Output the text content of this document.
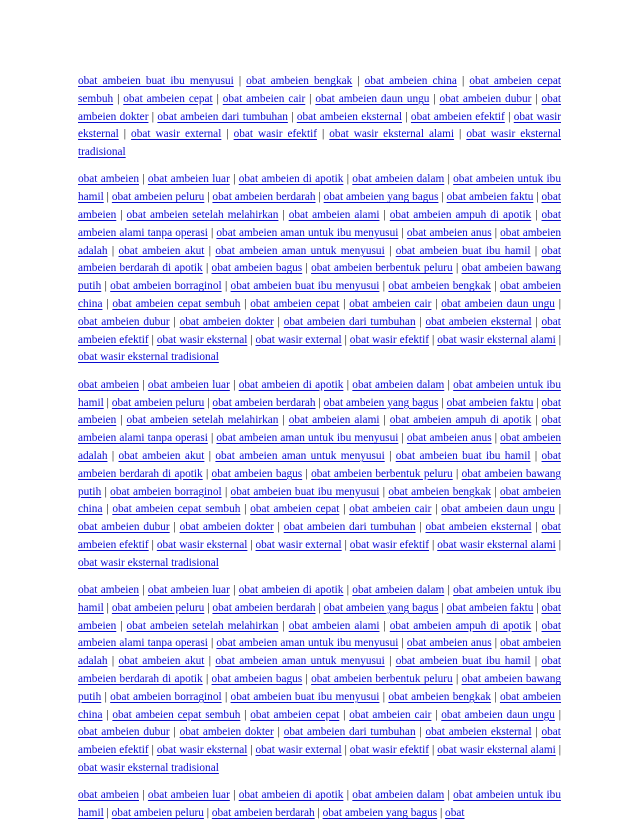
obat ambeien buat ibu menyusui | obat ambeien bengkak | obat ambeien china | obat ambeien cepat sembuh | obat ambeien cepat | obat ambeien cair | obat ambeien daun ungu | obat ambeien dubur | obat ambeien dokter | obat ambeien dari tumbuhan | obat ambeien eksternal | obat ambeien efektif | obat wasir eksternal | obat wasir external | obat wasir efektif | obat wasir eksternal alami | obat wasir eksternal tradisional

obat ambeien | obat ambeien luar | obat ambeien di apotik | obat ambeien dalam | obat ambeien untuk ibu hamil | obat ambeien peluru | obat ambeien berdarah | obat ambeien yang bagus | obat ambeien faktu | obat ambeien | obat ambeien setelah melahirkan | obat ambeien alami | obat ambeien ampuh di apotik | obat ambeien alami tanpa operasi | obat ambeien aman untuk ibu menyusui | obat ambeien anus | obat ambeien adalah | obat ambeien akut | obat ambeien aman untuk menyusui | obat ambeien buat ibu hamil | obat ambeien berdarah di apotik | obat ambeien bagus | obat ambeien berbentuk peluru | obat ambeien bawang putih | obat ambeien borraginol | obat ambeien buat ibu menyusui | obat ambeien bengkak | obat ambeien china | obat ambeien cepat sembuh | obat ambeien cepat | obat ambeien cair | obat ambeien daun ungu | obat ambeien dubur | obat ambeien dokter | obat ambeien dari tumbuhan | obat ambeien eksternal | obat ambeien efektif | obat wasir eksternal | obat wasir external | obat wasir efektif | obat wasir eksternal alami | obat wasir eksternal tradisional

obat ambeien | obat ambeien luar | obat ambeien di apotik | obat ambeien dalam | obat ambeien untuk ibu hamil | obat ambeien peluru | obat ambeien berdarah | obat ambeien yang bagus | obat ambeien faktu | obat ambeien | obat ambeien setelah melahirkan | obat ambeien alami | obat ambeien ampuh di apotik | obat ambeien alami tanpa operasi | obat ambeien aman untuk ibu menyusui | obat ambeien anus | obat ambeien adalah | obat ambeien akut | obat ambeien aman untuk menyusui | obat ambeien buat ibu hamil | obat ambeien berdarah di apotik | obat ambeien bagus | obat ambeien berbentuk peluru | obat ambeien bawang putih | obat ambeien borraginol | obat ambeien buat ibu menyusui | obat ambeien bengkak | obat ambeien china | obat ambeien cepat sembuh | obat ambeien cepat | obat ambeien cair | obat ambeien daun ungu | obat ambeien dubur | obat ambeien dokter | obat ambeien dari tumbuhan | obat ambeien eksternal | obat ambeien efektif | obat wasir eksternal | obat wasir external | obat wasir efektif | obat wasir eksternal alami | obat wasir eksternal tradisional

obat ambeien | obat ambeien luar | obat ambeien di apotik | obat ambeien dalam | obat ambeien untuk ibu hamil | obat ambeien peluru | obat ambeien berdarah | obat ambeien yang bagus | obat ambeien faktu | obat ambeien | obat ambeien setelah melahirkan | obat ambeien alami | obat ambeien ampuh di apotik | obat ambeien alami tanpa operasi | obat ambeien aman untuk ibu menyusui | obat ambeien anus | obat ambeien adalah | obat ambeien akut | obat ambeien aman untuk menyusui | obat ambeien buat ibu hamil | obat ambeien berdarah di apotik | obat ambeien bagus | obat ambeien berbentuk peluru | obat ambeien bawang putih | obat ambeien borraginol | obat ambeien buat ibu menyusui | obat ambeien bengkak | obat ambeien china | obat ambeien cepat sembuh | obat ambeien cepat | obat ambeien cair | obat ambeien daun ungu | obat ambeien dubur | obat ambeien dokter | obat ambeien dari tumbuhan | obat ambeien eksternal | obat ambeien efektif | obat wasir eksternal | obat wasir external | obat wasir efektif | obat wasir eksternal alami | obat wasir eksternal tradisional

obat ambeien | obat ambeien luar | obat ambeien di apotik | obat ambeien dalam | obat ambeien untuk ibu hamil | obat ambeien peluru | obat ambeien berdarah | obat ambeien yang bagus | obat
